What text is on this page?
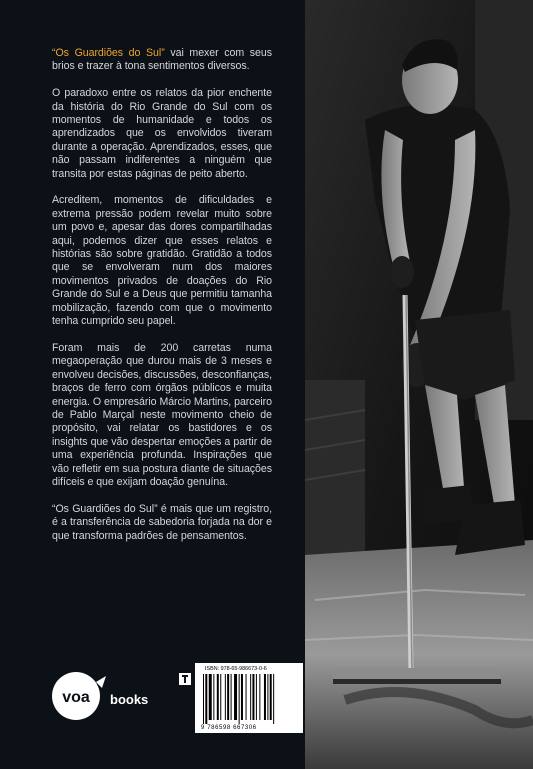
“Os Guardiões do Sul” vai mexer com seus brios e trazer à tona sentimentos diversos.

O paradoxo entre os relatos da pior enchente da história do Rio Grande do Sul com os momentos de humanidade e todos os aprendizados que os envolvidos tiveram durante a operação. Aprendizados, esses, que não passam indiferentes a ninguém que transita por estas páginas de peito aberto.

Acreditem, momentos de dificuldades e extrema pressão podem revelar muito sobre um povo e, apesar das dores compartilhadas aqui, podemos dizer que esses relatos e histórias são sobre gratidão. Gratidão a todos que se envolveram num dos maiores movimentos privados de doações do Rio Grande do Sul e a Deus que permitiu tamanha mobilização, fazendo com que o movimento tenha cumprido seu papel.

Foram mais de 200 carretas numa megaoperação que durou mais de 3 meses e envolveu decisões, discussões, desconfianças, braços de ferro com órgãos públicos e muita energia. O empresário Márcio Martins, parceiro de Pablo Marçal neste movimento cheio de propósito, vai relatar os bastidores e os insights que vão despertar emoções a partir de uma experiência profunda. Inspirações que vão refletir em sua postura diante de situações difíceis e que exijam doação genuína.

“Os Guardiões do Sul” é mais que um registro, é a transferência de sabedoria forjada na dor e que transforma padrões de pensamentos.

voa books
ISBN: 978-65-986673-0-6
9 786598 667306
